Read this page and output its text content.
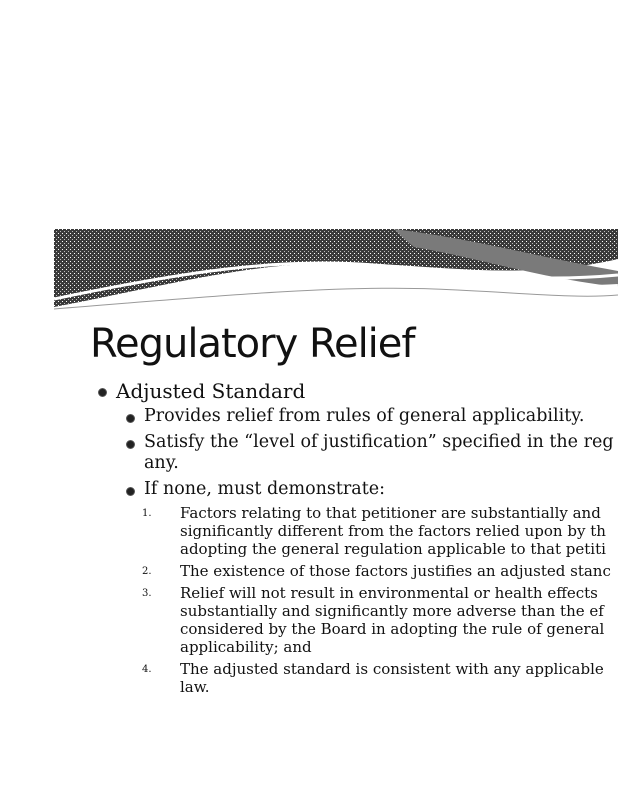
Regulatory Relief
Adjusted Standard
Provides relief from rules of general applicability.
Satisfy the “level of justification” specified in the reg
any.
If none, must demonstrate:
1. Factors relating to that petitioner are substantially and
significantly different from the factors relied upon by th
adopting the general regulation applicable to that petiti
2. The existence of those factors justifies an adjusted stanc
3. Relief will not result in environmental or health effects
substantially and significantly more adverse than the ef
considered by the Board in adopting the rule of general
applicability; and
4. The adjusted standard is consistent with any applicable
law.
